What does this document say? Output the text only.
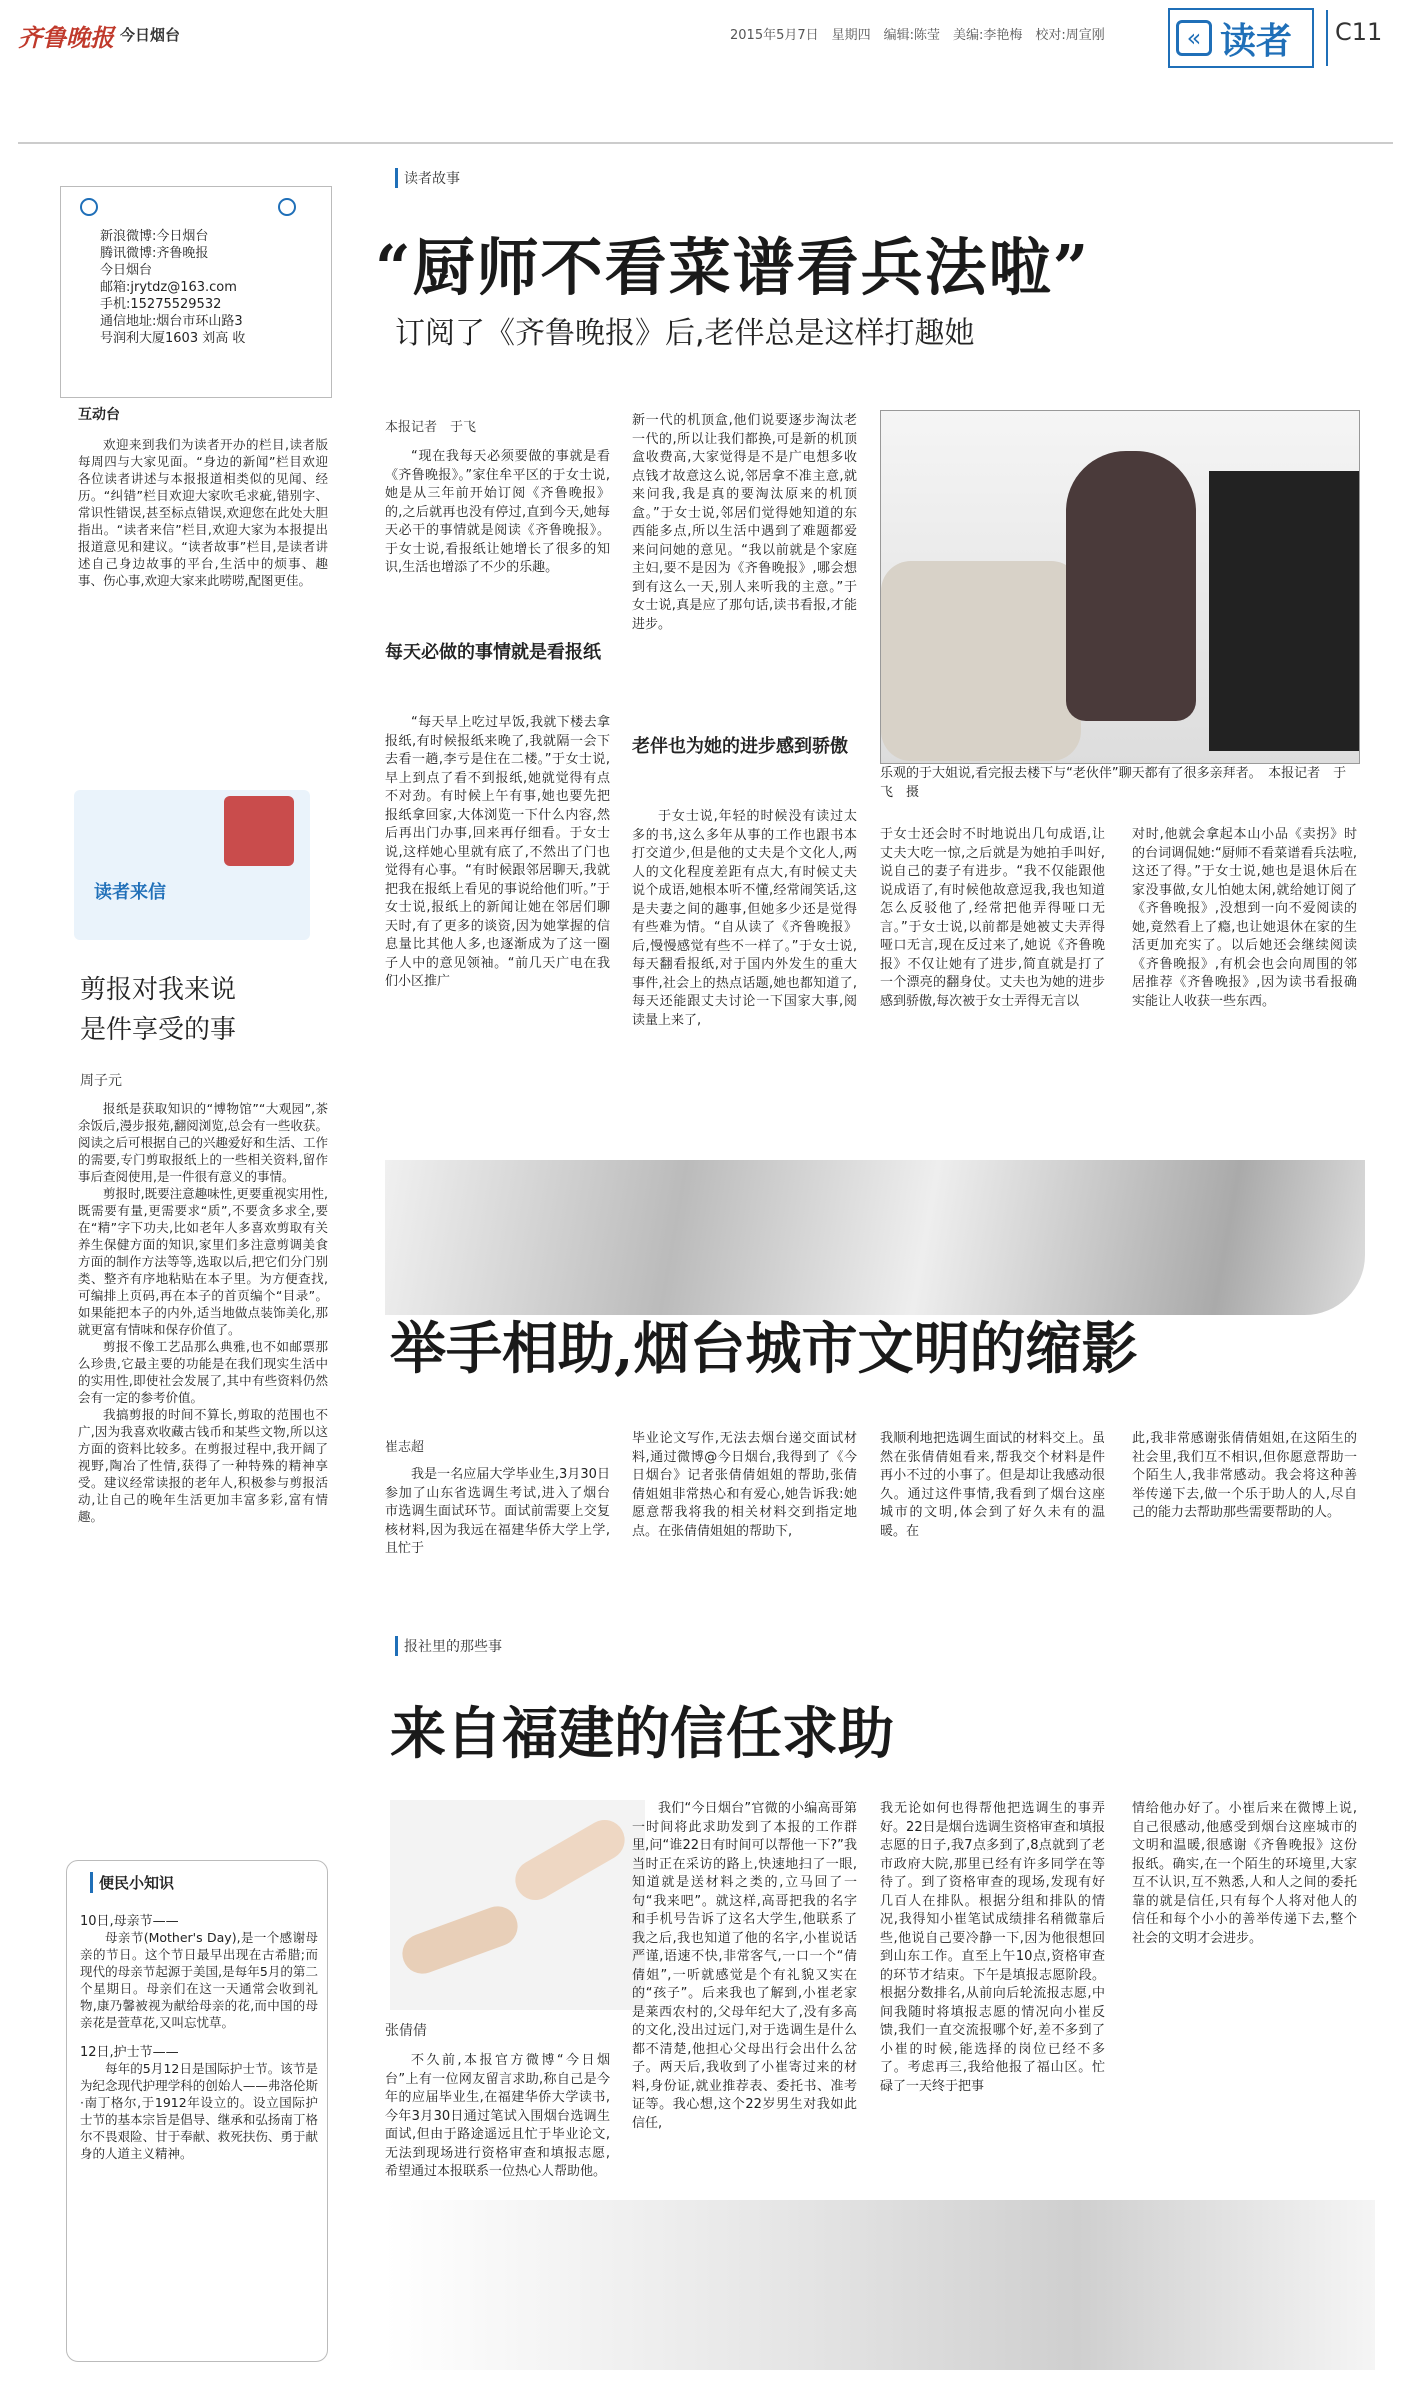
齐鲁晚报 今日烟台	2015年5月7日　星期四　编辑:陈莹　美编:李艳梅　校对:周宣刚	« 读者 C11
新浪微博:今日烟台
腾讯微博:齐鲁晚报
今日烟台
邮箱:jrytdz@163.com
手机:15275529532
通信地址:烟台市环山路3
号润利大厦1603 刘高 收
互动台
欢迎来到我们为读者开办的栏目,读者版每周四与大家见面。“身边的新闻”栏目欢迎各位读者讲述与本报报道相类似的见闻、经历。“纠错”栏目欢迎大家吹毛求疵,错别字、常识性错误,甚至标点错误,欢迎您在此处大胆指出。“读者来信”栏目,欢迎大家为本报提出报道意见和建议。“读者故事”栏目,是读者讲述自己身边故事的平台,生活中的烦事、趣事、伤心事,欢迎大家来此唠唠,配图更佳。
读者来信
剪报对我来说
是件享受的事
周子元

报纸是获取知识的“博物馆”“大观园”,茶余饭后,漫步报苑,翻阅浏览,总会有一些收获。阅读之后可根据自己的兴趣爱好和生活、工作的需要,专门剪取报纸上的一些相关资料,留作事后查阅使用,是一件很有意义的事情。

剪报时,既要注意趣味性,更要重视实用性,既需要有量,更需要求“质”,不要贪多求全,要在“精”字下功夫,比如老年人多喜欢剪取有关养生保健方面的知识,家里们多注意剪调美食方面的制作方法等等,选取以后,把它们分门别类、整齐有序地粘贴在本子里。为方便查找,可编排上页码,再在本子的首页编个“目录”。如果能把本子的内外,适当地做点装饰美化,那就更富有情味和保存价值了。

剪报不像工艺品那么典雅,也不如邮票那么珍贵,它最主要的功能是在我们现实生活中的实用性,即使社会发展了,其中有些资料仍然会有一定的参考价值。

我搞剪报的时间不算长,剪取的范围也不广,因为我喜欢收藏古钱币和某些文物,所以这方面的资料比较多。在剪报过程中,我开阔了视野,陶冶了性情,获得了一种特殊的精神享受。建议经常读报的老年人,积极参与剪报活动,让自己的晚年生活更加丰富多彩,富有情趣。

便民小知识
10日,母亲节——
母亲节(Mother's Day),是一个感谢母亲的节日。这个节日最早出现在古希腊;而现代的母亲节起源于美国,是每年5月的第二个星期日。母亲们在这一天通常会收到礼物,康乃馨被视为献给母亲的花,而中国的母亲花是萱草花,又叫忘忧草。
12日,护士节——
每年的5月12日是国际护士节。该节是为纪念现代护理学科的创始人——弗洛伦斯·南丁格尔,于1912年设立的。设立国际护士节的基本宗旨是倡导、继承和弘扬南丁格尔不畏艰险、甘于奉献、救死扶伤、勇于献身的人道主义精神。
读者故事
“厨师不看菜谱看兵法啦”
订阅了《齐鲁晚报》后,老伴总是这样打趣她
本报记者　于飞
“现在我每天必须要做的事就是看《齐鲁晚报》。”家住牟平区的于女士说,她是从三年前开始订阅《齐鲁晚报》的,之后就再也没有停过,直到今天,她每天必干的事情就是阅读《齐鲁晚报》。于女士说,看报纸让她增长了很多的知识,生活也增添了不少的乐趣。
每天必做的事情就是看报纸
“每天早上吃过早饭,我就下楼去拿报纸,有时候报纸来晚了,我就隔一会下去看一趟,李亏是住在二楼。”于女士说,早上到点了看不到报纸,她就觉得有点不对劲。有时候上午有事,她也要先把报纸拿回家,大体浏览一下什么内容,然后再出门办事,回来再仔细看。于女士说,这样她心里就有底了,不然出了门也觉得有心事。“有时候跟邻居聊天,我就把我在报纸上看见的事说给他们听。”于女士说,报纸上的新闻让她在邻居们聊天时,有了更多的谈资,因为她掌握的信息量比其他人多,也逐渐成为了这一圈子人中的意见领袖。“前几天广电在我们小区推广
新一代的机顶盒,他们说要逐步淘汰老一代的,所以让我们都换,可是新的机顶盒收费高,大家觉得是不是广电想多收点钱才故意这么说,邻居拿不准主意,就来问我,我是真的要淘汰原来的机顶盒。”于女士说,邻居们觉得她知道的东西能多点,所以生活中遇到了难题都爱来问问她的意见。“我以前就是个家庭主妇,要不是因为《齐鲁晚报》,哪会想到有这么一天,别人来听我的主意。”于女士说,真是应了那句话,读书看报,才能进步。
老伴也为她的进步感到骄傲
于女士说,年轻的时候没有读过太多的书,这么多年从事的工作也跟书本打交道少,但是他的丈夫是个文化人,两人的文化程度差距有点大,有时候丈夫说个成语,她根本听不懂,经常闹笑话,这是夫妻之间的趣事,但她多少还是觉得有些难为情。“自从读了《齐鲁晚报》后,慢慢感觉有些不一样了。”于女士说,每天翻看报纸,对于国内外发生的重大事件,社会上的热点话题,她也都知道了,每天还能跟丈夫讨论一下国家大事,阅读量上来了,
乐观的于大姐说,看完报去楼下与“老伙伴”聊天都有了很多亲拜者。　本报记者　于飞　摄
于女士还会时不时地说出几句成语,让丈夫大吃一惊,之后就是为她拍手叫好,说自己的妻子有进步。“我不仅能跟他说成语了,有时候他故意逗我,我也知道怎么反驳他了,经常把他弄得哑口无言。”于女士说,以前都是她被丈夫弄得哑口无言,现在反过来了,她说《齐鲁晚报》不仅让她有了进步,简直就是打了一个漂亮的翻身仗。丈夫也为她的进步感到骄傲,每次被于女士弄得无言以
对时,他就会拿起本山小品《卖拐》时的台词调侃她:“厨师不看菜谱看兵法啦,这还了得。”于女士说,她也是退休后在家没事做,女儿怕她太闲,就给她订阅了《齐鲁晚报》,没想到一向不爱阅读的她,竟然看上了瘾,也让她退休在家的生活更加充实了。以后她还会继续阅读《齐鲁晚报》,有机会也会向周围的邻居推荐《齐鲁晚报》,因为读书看报确实能让人收获一些东西。
举手相助,烟台城市文明的缩影
崔志超
我是一名应届大学毕业生,3月30日参加了山东省选调生考试,进入了烟台市选调生面试环节。面试前需要上交复核材料,因为我远在福建华侨大学上学,且忙于
毕业论文写作,无法去烟台递交面试材料,通过微博@今日烟台,我得到了《今日烟台》记者张倩倩姐姐的帮助,张倩倩姐姐非常热心和有爱心,她告诉我:她愿意帮我将我的相关材料交到指定地点。在张倩倩姐姐的帮助下,
我顺利地把选调生面试的材料交上。虽然在张倩倩姐看来,帮我交个材料是件再小不过的小事了。但是却让我感动很久。通过这件事情,我看到了烟台这座城市的文明,体会到了好久未有的温暖。在
此,我非常感谢张倩倩姐姐,在这陌生的社会里,我们互不相识,但你愿意帮助一个陌生人,我非常感动。我会将这种善举传递下去,做一个乐于助人的人,尽自己的能力去帮助那些需要帮助的人。
报社里的那些事
来自福建的信任求助
张倩倩
不久前,本报官方微博“今日烟台”上有一位网友留言求助,称自己是今年的应届毕业生,在福建华侨大学读书,今年3月30日通过笔试入围烟台选调生面试,但由于路途遥远且忙于毕业论文,无法到现场进行资格审查和填报志愿,希望通过本报联系一位热心人帮助他。
我们“今日烟台”官微的小编高哥第一时间将此求助发到了本报的工作群里,问“谁22日有时间可以帮他一下?”我当时正在采访的路上,快速地扫了一眼,知道就是送材料之类的,立马回了一句“我来吧”。就这样,高哥把我的名字和手机号告诉了这名大学生,他联系了我之后,我也知道了他的名字,小崔说话严谨,语速不快,非常客气,一口一个“倩倩姐”,一听就感觉是个有礼貌又实在的“孩子”。后来我也了解到,小崔老家是莱西农村的,父母年纪大了,没有多高的文化,没出过远门,对于选调生是什么都不清楚,他担心父母出行会出什么岔子。两天后,我收到了小崔寄过来的材料,身份证,就业推荐表、委托书、准考证等。我心想,这个22岁男生对我如此信任,
我无论如何也得帮他把选调生的事弄好。22日是烟台选调生资格审查和填报志愿的日子,我7点多到了,8点就到了老市政府大院,那里已经有许多同学在等待了。到了资格审查的现场,发现有好几百人在排队。根据分组和排队的情况,我得知小崔笔试成绩排名稍微靠后些,他说自己要冷静一下,因为他很想回到山东工作。直至上午10点,资格审查的环节才结束。下午是填报志愿阶段。根据分数排名,从前向后轮流报志愿,中间我随时将填报志愿的情况向小崔反馈,我们一直交流报哪个好,差不多到了小崔的时候,能选择的岗位已经不多了。考虑再三,我给他报了福山区。忙碌了一天终于把事
情给他办好了。小崔后来在微博上说,自己很感动,他感受到烟台这座城市的文明和温暖,很感谢《齐鲁晚报》这份报纸。确实,在一个陌生的环境里,大家互不认识,互不熟悉,人和人之间的委托靠的就是信任,只有每个人将对他人的信任和每个小小的善举传递下去,整个社会的文明才会进步。
